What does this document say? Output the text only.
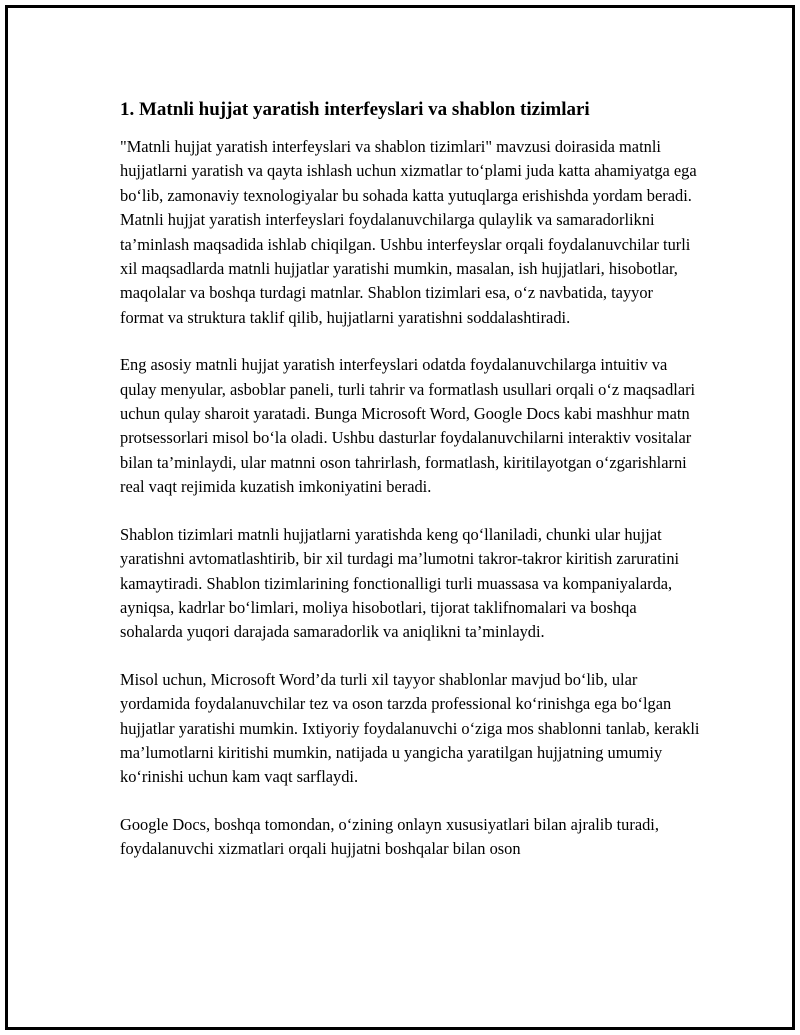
1. Matnli hujjat yaratish interfeyslari va shablon tizimlari

"Matnli hujjat yaratish interfeyslari va shablon tizimlari" mavzusi doirasida matnli hujjatlarni yaratish va qayta ishlash uchun xizmatlar to‘plami juda katta ahamiyatga ega bo‘lib, zamonaviy texnologiyalar bu sohada katta yutuqlarga erishishda yordam beradi. Matnli hujjat yaratish interfeyslari foydalanuvchilarga qulaylik va samaradorlikni ta’minlash maqsadida ishlab chiqilgan. Ushbu interfeyslar orqali foydalanuvchilar turli xil maqsadlarda matnli hujjatlar yaratishi mumkin, masalan, ish hujjatlari, hisobotlar, maqolalar va boshqa turdagi matnlar. Shablon tizimlari esa, o‘z navbatida, tayyor format va struktura taklif qilib, hujjatlarni yaratishni soddalashtiradi.

Eng asosiy matnli hujjat yaratish interfeyslari odatda foydalanuvchilarga intuitiv va qulay menyular, asboblar paneli, turli tahrir va formatlash usullari orqali o‘z maqsadlari uchun qulay sharoit yaratadi. Bunga Microsoft Word, Google Docs kabi mashhur matn protsessorlari misol bo‘la oladi. Ushbu dasturlar foydalanuvchilarni interaktiv vositalar bilan ta’minlaydi, ular matnni oson tahrirlash, formatlash, kiritilayotgan o‘zgarishlarni real vaqt rejimida kuzatish imkoniyatini beradi.

Shablon tizimlari matnli hujjatlarni yaratishda keng qo‘llaniladi, chunki ular hujjat yaratishni avtomatlashtirib, bir xil turdagi ma’lumotni takror-takror kiritish zaruratini kamaytiradi. Shablon tizimlarining fonctionalligi turli muassasa va kompaniyalarda, ayniqsa, kadrlar bo‘limlari, moliya hisobotlari, tijorat taklifnomalari va boshqa sohalarda yuqori darajada samaradorlik va aniqlikni ta’minlaydi.

Misol uchun, Microsoft Word’da turli xil tayyor shablonlar mavjud bo‘lib, ular yordamida foydalanuvchilar tez va oson tarzda professional ko‘rinishga ega bo‘lgan hujjatlar yaratishi mumkin. Ixtiyoriy foydalanuvchi o‘ziga mos shablonni tanlab, kerakli ma’lumotlarni kiritishi mumkin, natijada u yangicha yaratilgan hujjatning umumiy ko‘rinishi uchun kam vaqt sarflaydi.

Google Docs, boshqa tomondan, o‘zining onlayn xususiyatlari bilan ajralib turadi, foydalanuvchi xizmatlari orqali hujjatni boshqalar bilan oson
